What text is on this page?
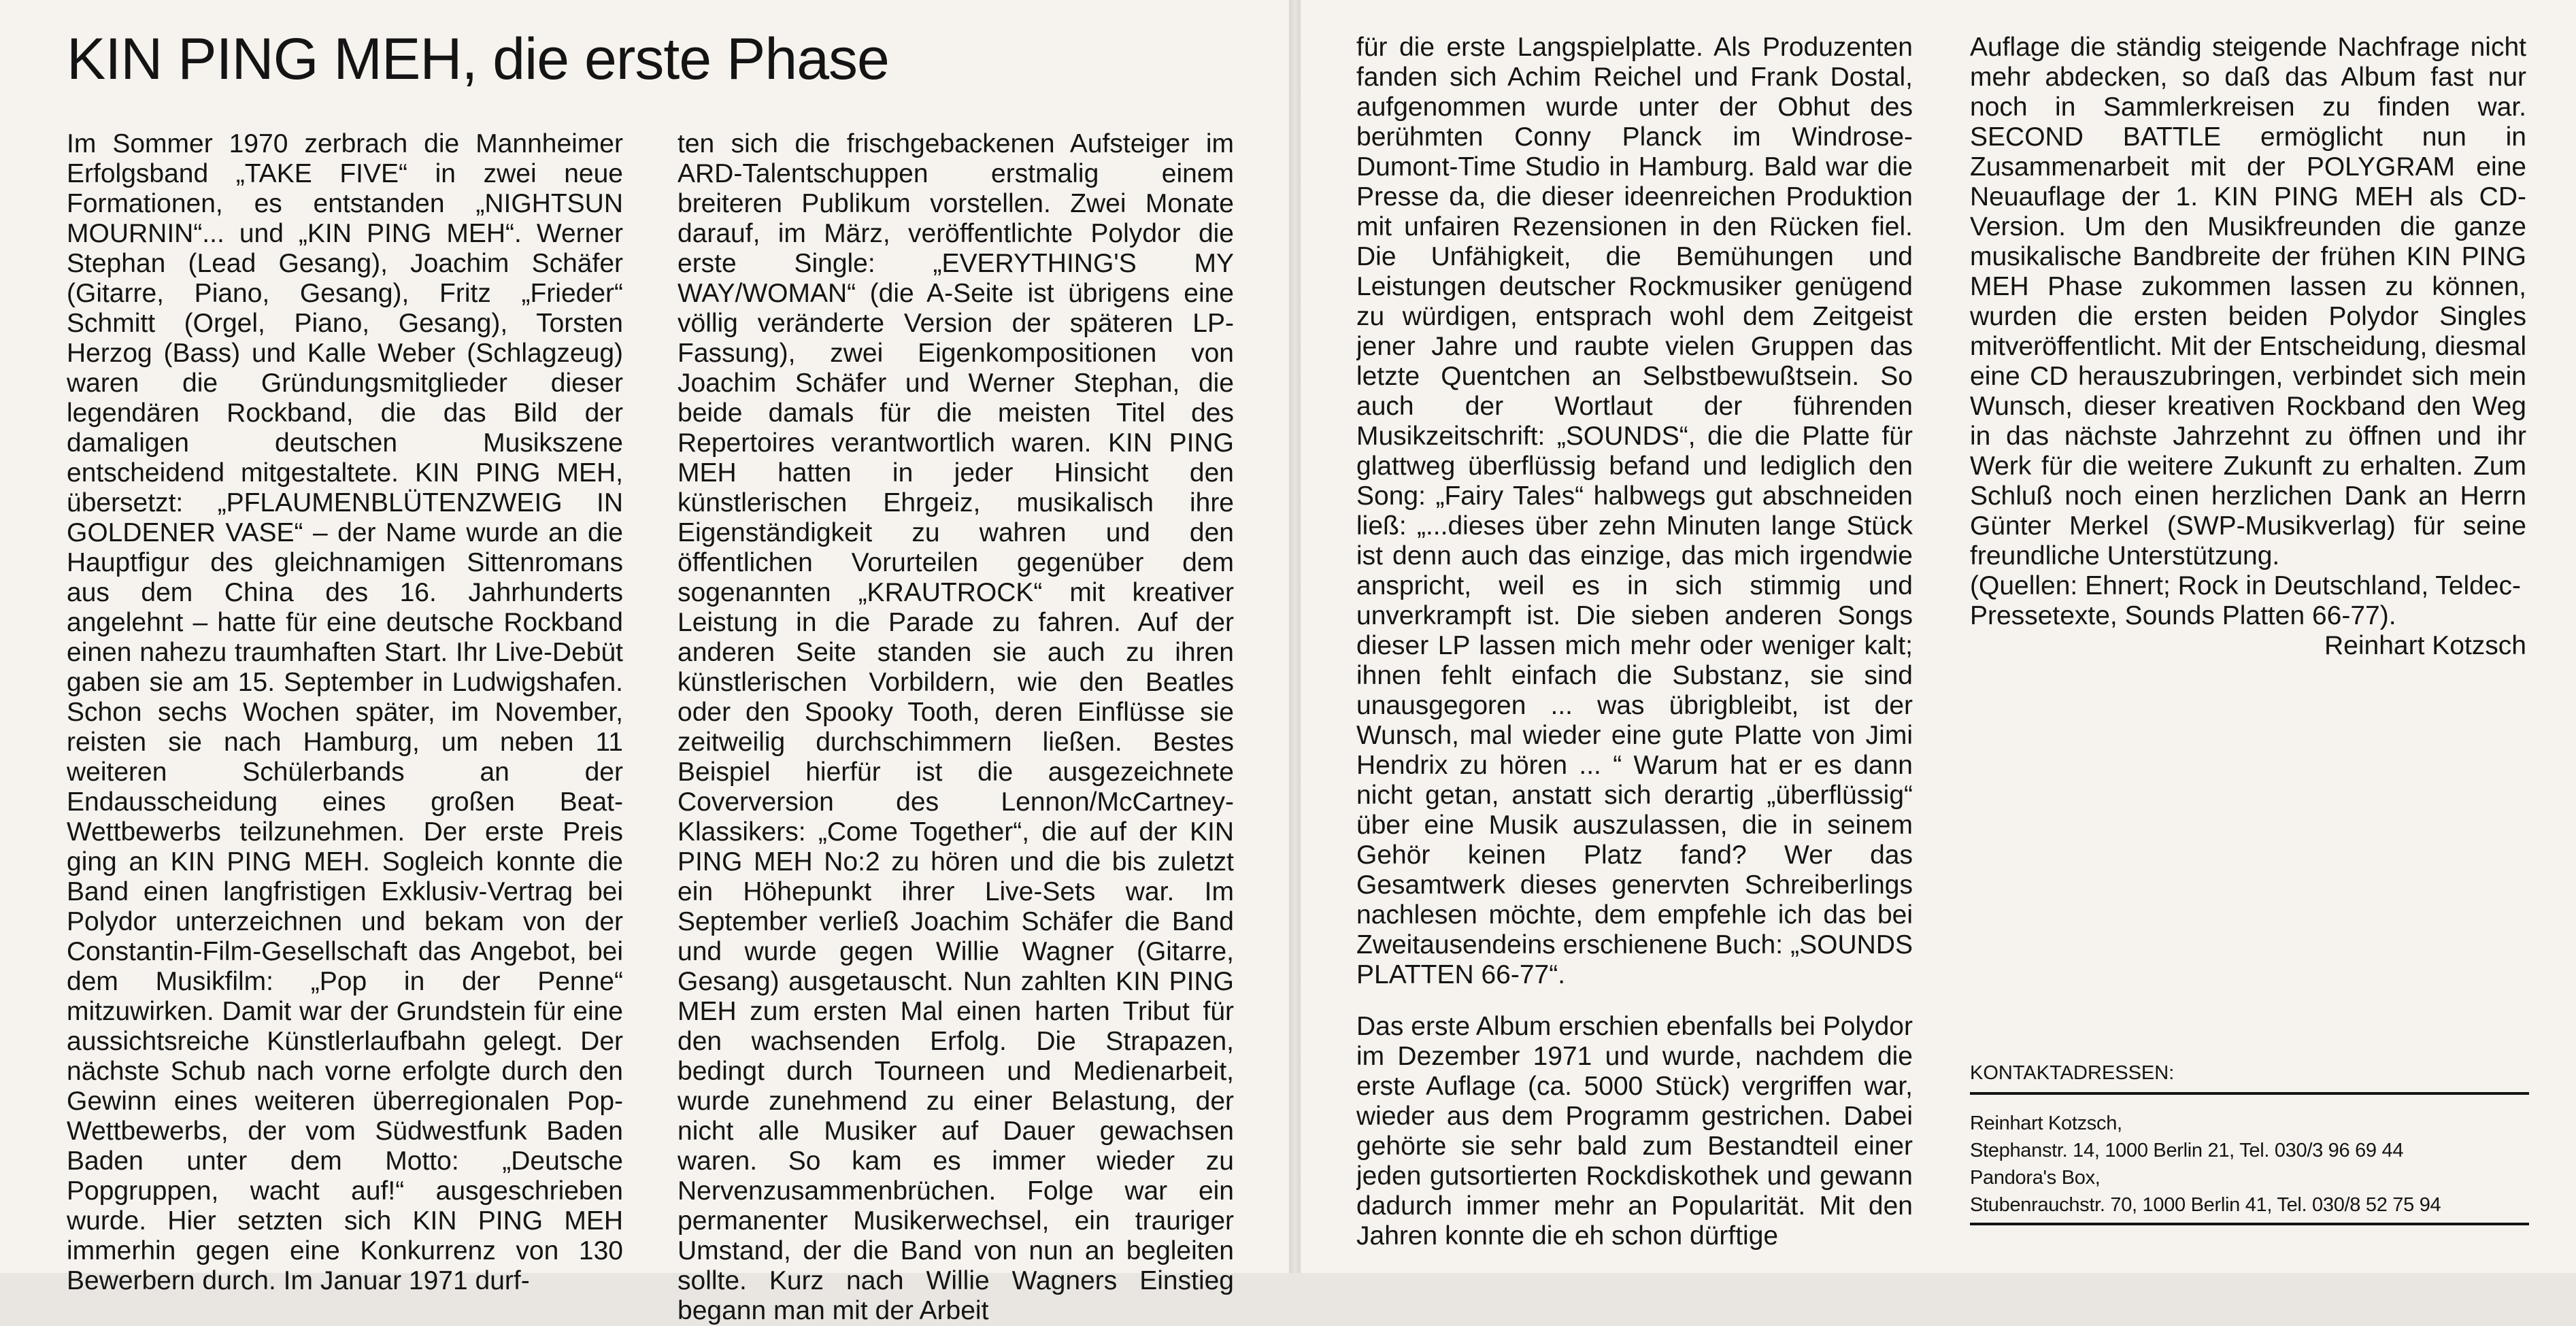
KIN PING MEH, die erste Phase

Im Sommer 1970 zerbrach die Mannheimer Erfolgsband „TAKE FIVE“ in zwei neue Formationen, es entstanden „NIGHTSUN MOURNIN“... und „KIN PING MEH“. Werner Stephan (Lead Gesang), Joachim Schäfer (Gitarre, Piano, Gesang), Fritz „Frieder“ Schmitt (Orgel, Piano, Gesang), Torsten Herzog (Bass) und Kalle Weber (Schlagzeug) waren die Gründungsmitglieder dieser legendären Rockband, die das Bild der damaligen deutschen Musikszene entscheidend mitgestaltete. KIN PING MEH, übersetzt: „PFLAUMENBLÜTENZWEIG IN GOLDENER VASE“ – der Name wurde an die Hauptfigur des gleichnamigen Sittenromans aus dem China des 16. Jahrhunderts angelehnt – hatte für eine deutsche Rockband einen nahezu traumhaften Start. Ihr Live-Debüt gaben sie am 15. September in Ludwigshafen. Schon sechs Wochen später, im November, reisten sie nach Hamburg, um neben 11 weiteren Schülerbands an der Endausscheidung eines großen Beat-Wettbewerbs teilzunehmen. Der erste Preis ging an KIN PING MEH. Sogleich konnte die Band einen langfristigen Exklusiv-Vertrag bei Polydor unterzeichnen und bekam von der Constantin-Film-Gesellschaft das Angebot, bei dem Musikfilm: „Pop in der Penne“ mitzuwirken. Damit war der Grundstein für eine aussichtsreiche Künstlerlaufbahn gelegt. Der nächste Schub nach vorne erfolgte durch den Gewinn eines weiteren überregionalen Pop-Wettbewerbs, der vom Südwestfunk Baden Baden unter dem Motto: „Deutsche Popgruppen, wacht auf!“ ausgeschrieben wurde. Hier setzten sich KIN PING MEH immerhin gegen eine Konkurrenz von 130 Bewerbern durch. Im Januar 1971 durf-

ten sich die frischgebackenen Aufsteiger im ARD-Talentschuppen erstmalig einem breiteren Publikum vorstellen. Zwei Monate darauf, im März, veröffentlichte Polydor die erste Single: „EVERYTHING'S MY WAY/WOMAN“ (die A-Seite ist übrigens eine völlig veränderte Version der späteren LP-Fassung), zwei Eigenkompositionen von Joachim Schäfer und Werner Stephan, die beide damals für die meisten Titel des Repertoires verantwortlich waren. KIN PING MEH hatten in jeder Hinsicht den künstlerischen Ehrgeiz, musikalisch ihre Eigenständigkeit zu wahren und den öffentlichen Vorurteilen gegenüber dem sogenannten „KRAUTROCK“ mit kreativer Leistung in die Parade zu fahren. Auf der anderen Seite standen sie auch zu ihren künstlerischen Vorbildern, wie den Beatles oder den Spooky Tooth, deren Einflüsse sie zeitweilig durchschimmern ließen. Bestes Beispiel hierfür ist die ausgezeichnete Coverversion des Lennon/McCartney-Klassikers: „Come Together“, die auf der KIN PING MEH No:2 zu hören und die bis zuletzt ein Höhepunkt ihrer Live-Sets war. Im September verließ Joachim Schäfer die Band und wurde gegen Willie Wagner (Gitarre, Gesang) ausgetauscht. Nun zahlten KIN PING MEH zum ersten Mal einen harten Tribut für den wachsenden Erfolg. Die Strapazen, bedingt durch Tourneen und Medienarbeit, wurde zunehmend zu einer Belastung, der nicht alle Musiker auf Dauer gewachsen waren. So kam es immer wieder zu Nervenzusammenbrüchen. Folge war ein permanenter Musikerwechsel, ein trauriger Umstand, der die Band von nun an begleiten sollte. Kurz nach Willie Wagners Einstieg begann man mit der Arbeit

für die erste Langspielplatte. Als Produzenten fanden sich Achim Reichel und Frank Dostal, aufgenommen wurde unter der Obhut des berühmten Conny Planck im Windrose-Dumont-Time Studio in Hamburg. Bald war die Presse da, die dieser ideenreichen Produktion mit unfairen Rezensionen in den Rücken fiel. Die Unfähigkeit, die Bemühungen und Leistungen deutscher Rockmusiker genügend zu würdigen, entsprach wohl dem Zeitgeist jener Jahre und raubte vielen Gruppen das letzte Quentchen an Selbstbewußtsein. So auch der Wortlaut der führenden Musikzeitschrift: „SOUNDS“, die die Platte für glattweg überflüssig befand und lediglich den Song: „Fairy Tales“ halbwegs gut abschneiden ließ: „...dieses über zehn Minuten lange Stück ist denn auch das einzige, das mich irgendwie anspricht, weil es in sich stimmig und unverkrampft ist. Die sieben anderen Songs dieser LP lassen mich mehr oder weniger kalt; ihnen fehlt einfach die Substanz, sie sind unausgegoren ... was übrigbleibt, ist der Wunsch, mal wieder eine gute Platte von Jimi Hendrix zu hören ... “ Warum hat er es dann nicht getan, anstatt sich derartig „überflüssig“ über eine Musik auszulassen, die in seinem Gehör keinen Platz fand? Wer das Gesamtwerk dieses genervten Schreiberlings nachlesen möchte, dem empfehle ich das bei Zweitausendeins erschienene Buch: „SOUNDS PLATTEN 66-77“.

Das erste Album erschien ebenfalls bei Polydor im Dezember 1971 und wurde, nachdem die erste Auflage (ca. 5000 Stück) vergriffen war, wieder aus dem Programm gestrichen. Dabei gehörte sie sehr bald zum Bestandteil einer jeden gutsortierten Rockdiskothek und gewann dadurch immer mehr an Popularität. Mit den Jahren konnte die eh schon dürftige

Auflage die ständig steigende Nachfrage nicht mehr abdecken, so daß das Album fast nur noch in Sammlerkreisen zu finden war. SECOND BATTLE ermöglicht nun in Zusammenarbeit mit der POLYGRAM eine Neuauflage der 1. KIN PING MEH als CD-Version. Um den Musikfreunden die ganze musikalische Bandbreite der frühen KIN PING MEH Phase zukommen lassen zu können, wurden die ersten beiden Polydor Singles mitveröffentlicht. Mit der Entscheidung, diesmal eine CD herauszubringen, verbindet sich mein Wunsch, dieser kreativen Rockband den Weg in das nächste Jahrzehnt zu öffnen und ihr Werk für die weitere Zukunft zu erhalten. Zum Schluß noch einen herzlichen Dank an Herrn Günter Merkel (SWP-Musikverlag) für seine freundliche Unterstützung.

(Quellen: Ehnert; Rock in Deutschland, Teldec-Pressetexte, Sounds Platten 66-77).

Reinhart Kotzsch

KONTAKTADRESSEN:
Reinhart Kotzsch,
Stephanstr. 14, 1000 Berlin 21, Tel. 030/3 96 69 44
Pandora's Box,
Stubenrauchstr. 70, 1000 Berlin 41, Tel. 030/8 52 75 94
